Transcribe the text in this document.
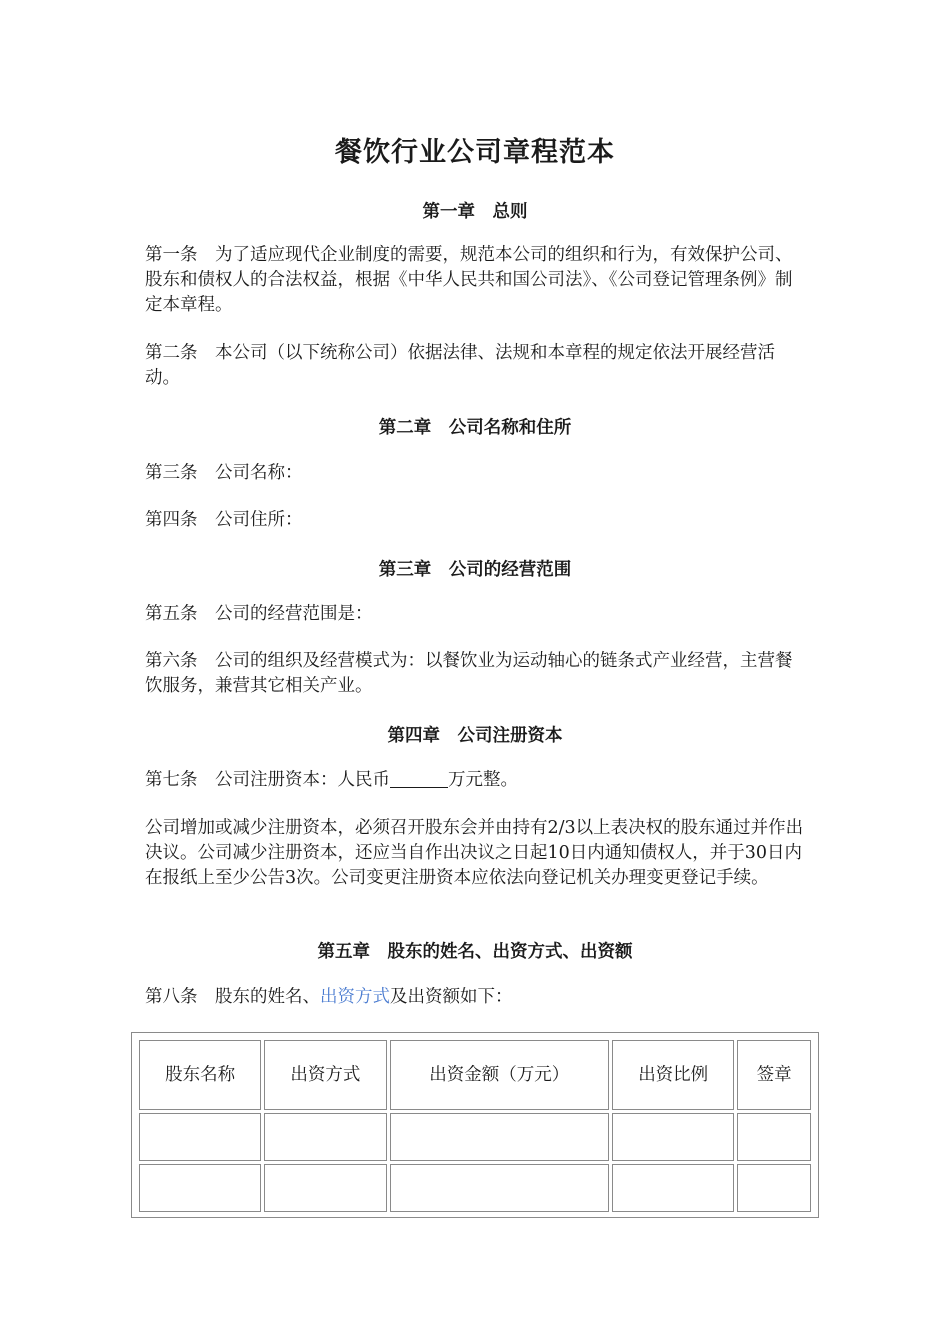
餐饮行业公司章程范本
第一章　总则
第一条　为了适应现代企业制度的需要，规范本公司的组织和行为，有效保护公司、股东和债权人的合法权益，根据《中华人民共和国公司法》、《公司登记管理条例》制定本章程。
第二条　本公司（以下统称公司）依据法律、法规和本章程的规定依法开展经营活动。
第二章　公司名称和住所
第三条　公司名称：
第四条　公司住所：
第三章　公司的经营范围
第五条　公司的经营范围是：
第六条　公司的组织及经营模式为：以餐饮业为运动轴心的链条式产业经营，主营餐饮服务，兼营其它相关产业。
第四章　公司注册资本
第七条　公司注册资本：人民币	万元整。
公司增加或减少注册资本，必须召开股东会并由持有2/3以上表决权的股东通过并作出决议。公司减少注册资本，还应当自作出决议之日起10日内通知债权人，并于30日内在报纸上至少公告3次。公司变更注册资本应依法向登记机关办理变更登记手续。
第五章　股东的姓名、出资方式、出资额
第八条　股东的姓名、出资方式及出资额如下：
股东名称	出资方式	出资金额（万元）	出资比例	签章
